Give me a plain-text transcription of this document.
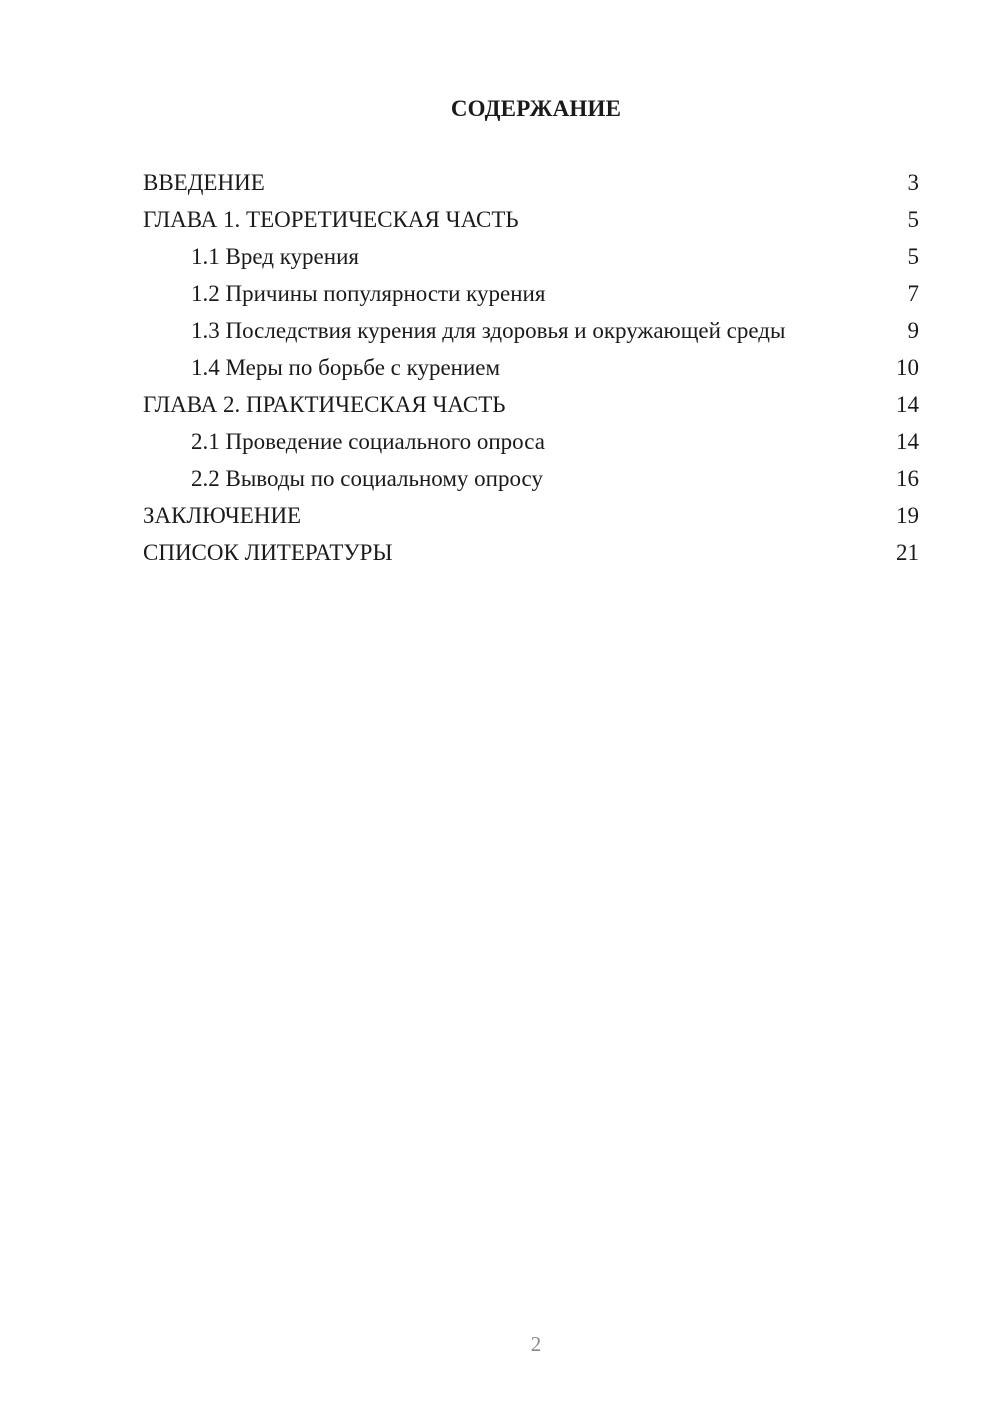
СОДЕРЖАНИЕ
ВВЕДЕНИЕ	3
ГЛАВА 1. ТЕОРЕТИЧЕСКАЯ ЧАСТЬ	5
1.1 Вред курения	5
1.2 Причины популярности курения	7
1.3 Последствия курения для здоровья и окружающей среды	9
1.4 Меры по борьбе с курением	10
ГЛАВА 2. ПРАКТИЧЕСКАЯ ЧАСТЬ	14
2.1 Проведение социального опроса	14
2.2 Выводы по социальному опросу	16
ЗАКЛЮЧЕНИЕ	19
СПИСОК ЛИТЕРАТУРЫ	21
2
